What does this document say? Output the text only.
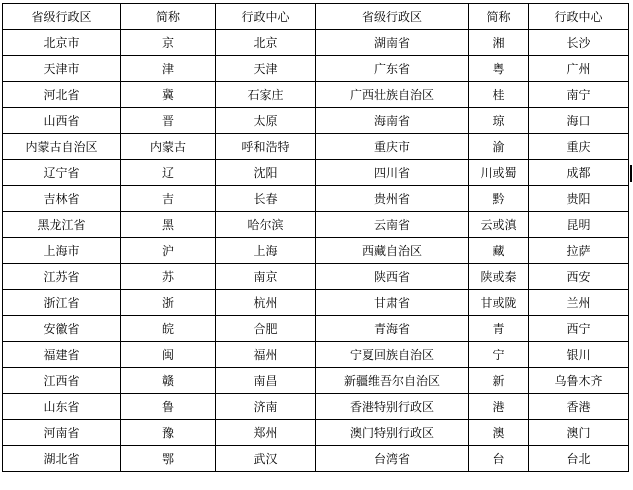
省级行政区	简称	行政中心	省级行政区	简称	行政中心
北京市	京	北京	湖南省	湘	长沙
天津市	津	天津	广东省	粤	广州
河北省	冀	石家庄	广西壮族自治区	桂	南宁
山西省	晋	太原	海南省	琼	海口
内蒙古自治区	内蒙古	呼和浩特	重庆市	渝	重庆
辽宁省	辽	沈阳	四川省	川或蜀	成都
吉林省	吉	长春	贵州省	黔	贵阳
黑龙江省	黑	哈尔滨	云南省	云或滇	昆明
上海市	沪	上海	西藏自治区	藏	拉萨
江苏省	苏	南京	陕西省	陕或秦	西安
浙江省	浙	杭州	甘肃省	甘或陇	兰州
安徽省	皖	合肥	青海省	青	西宁
福建省	闽	福州	宁夏回族自治区	宁	银川
江西省	赣	南昌	新疆维吾尔自治区	新	乌鲁木齐
山东省	鲁	济南	香港特别行政区	港	香港
河南省	豫	郑州	澳门特别行政区	澳	澳门
湖北省	鄂	武汉	台湾省	台	台北
